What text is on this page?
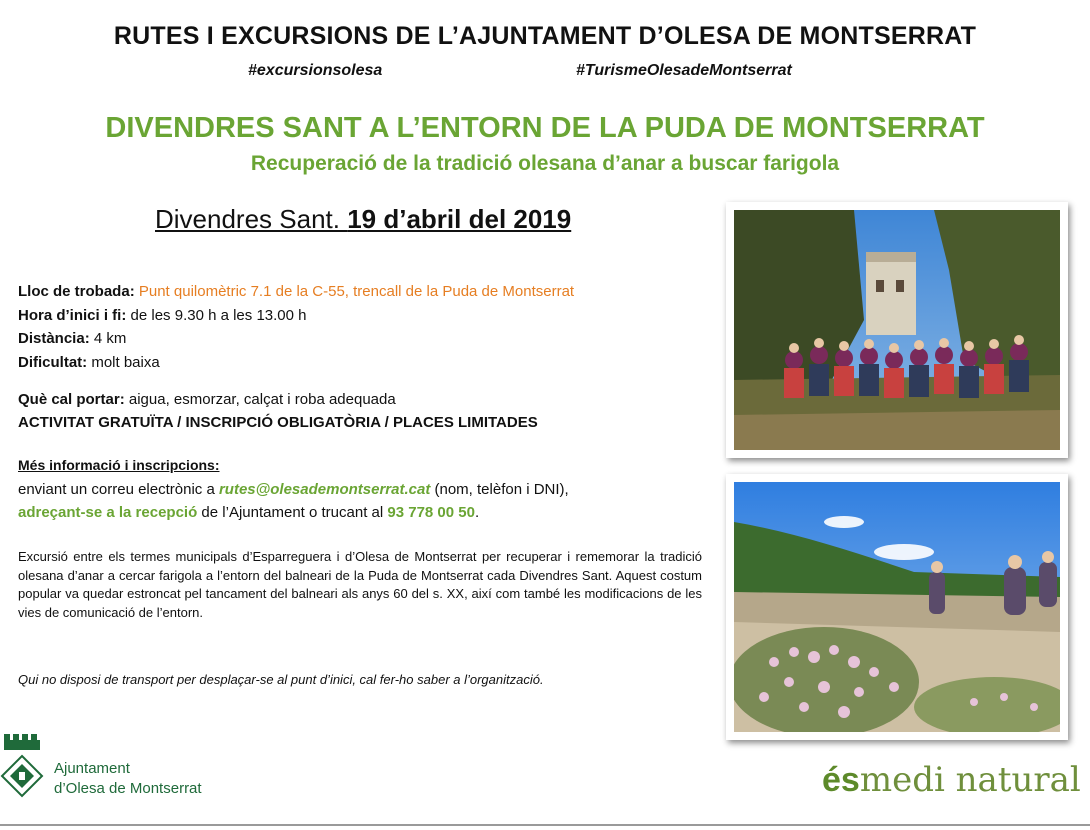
RUTES I EXCURSIONS DE L’AJUNTAMENT D’OLESA DE MONTSERRAT
#excursionsolesa	#TurismeOlesadeMontserrat
DIVENDRES SANT A L’ENTORN DE LA PUDA DE MONTSERRAT
Recuperació de la tradició olesana d’anar a buscar farigola
Divendres Sant. 19 d’abril del 2019
Lloc de trobada: Punt quilomètric 7.1 de la C-55, trencall de la Puda de Montserrat
Hora d’inici i fi: de les 9.30 h a les 13.00 h
Distància: 4 km
Dificultat: molt baixa
Què cal portar: aigua, esmorzar, calçat i roba adequada
ACTIVITAT GRATUÏTA / INSCRIPCIÓ OBLIGATÒRIA / PLACES LIMITADES
Més informació i inscripcions:
enviant un correu electrònic a rutes@olesademontserrat.cat (nom, telèfon i DNI),
adreçant-se a la recepció de l’Ajuntament o trucant al 93 778 00 50.
Excursió entre els termes municipals d’Esparreguera i d’Olesa de Montserrat per recuperar i rememorar la tradició olesana d’anar a cercar farigola a l’entorn del balneari de la Puda de Montserrat cada Divendres Sant. Aquest costum popular va quedar estroncat pel tancament del balneari als anys 60 del s. XX, així com també les modificacions de les vies de comunicació de l’entorn.
Qui no disposi de transport per desplaçar-se al punt d’inici, cal fer-ho saber a l’organització.
Ajuntament
d’Olesa de Montserrat	ésmedi natural
